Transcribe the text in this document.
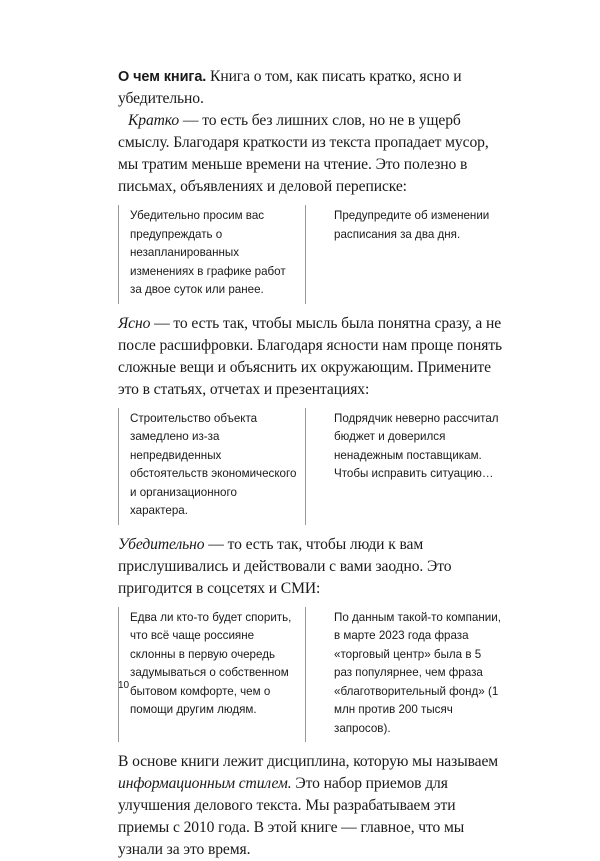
О чем книга. Книга о том, как писать кратко, ясно и убедительно.

Кратко — то есть без лишних слов, но не в ущерб смыслу. Благодаря краткости из текста пропадает мусор, мы тратим меньше времени на чтение. Это полезно в письмах, объявлениях и деловой переписке:

Убедительно просим вас предупреждать о незапланированных изменениях в графике работ за двое суток или ранее.
Предупредите об изменении расписания за два дня.

Ясно — то есть так, чтобы мысль была понятна сразу, а не после расшифровки. Благодаря ясности нам проще понять сложные вещи и объяснить их окружающим. Примените это в статьях, отчетах и презентациях:

Строительство объекта замедлено из-за непредвиденных обстоятельств экономического и организационного характера.
Подрядчик неверно рассчитал бюджет и доверился ненадежным поставщикам. Чтобы исправить ситуацию…

Убедительно — то есть так, чтобы люди к вам прислушивались и действовали с вами заодно. Это пригодится в соцсетях и СМИ:

Едва ли кто-то будет спорить, что всё чаще россияне склонны в первую очередь задумываться о собственном бытовом комфорте, чем о помощи другим людям.
По данным такой-то компании, в марте 2023 года фраза «торговый центр» была в 5 раз популярнее, чем фраза «благотворительный фонд» (1 млн против 200 тысяч запросов).

В основе книги лежит дисциплина, которую мы называем информационным стилем. Это набор приемов для улучшения делового текста. Мы разрабатываем эти приемы с 2010 года. В этой книге — главное, что мы узнали за это время.

10
